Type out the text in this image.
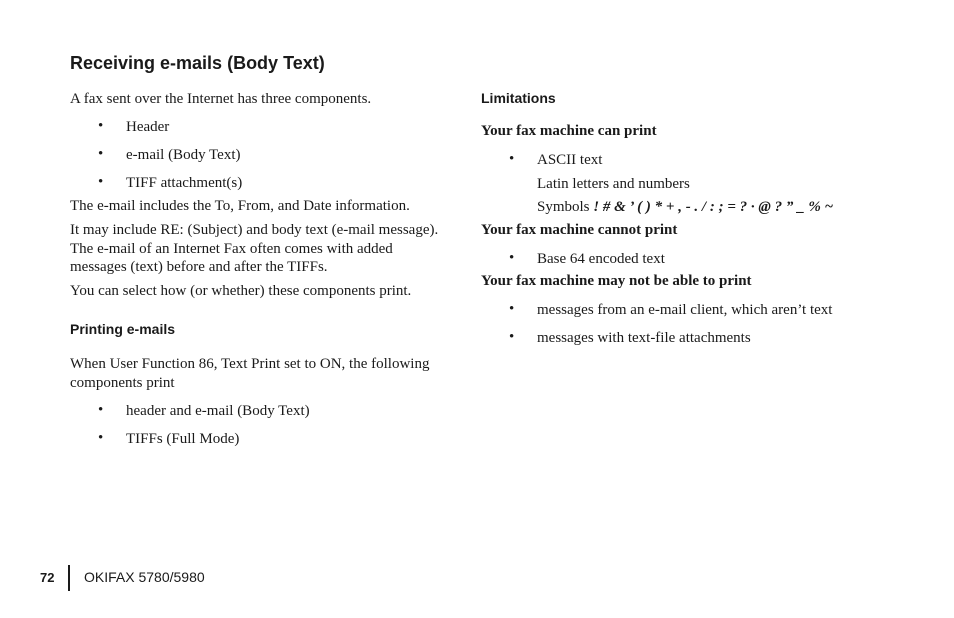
Receiving e-mails (Body Text)
A fax sent over the Internet has three components.
• Header
• e-mail (Body Text)
• TIFF attachment(s)
The e-mail includes the To, From, and Date information.
It may include RE: (Subject) and body text (e-mail message).
The e-mail of an Internet Fax often comes with added
messages (text) before and after the TIFFs.
You can select how (or whether) these components print.
Printing e-mails
When User Function 86, Text Print set to ON, the following
components print
• header and e-mail (Body Text)
• TIFFs (Full Mode)
Limitations
Your fax machine can print
• ASCII text
Latin letters and numbers
Symbols ! # & ’ ( ) * + , - . / : ; = ? · @ ? ” _ % ~
Your fax machine cannot print
• Base 64 encoded text
Your fax machine may not be able to print
• messages from an e-mail client, which aren’t text
• messages with text-file attachments
72 OKIFAX 5780/5980
